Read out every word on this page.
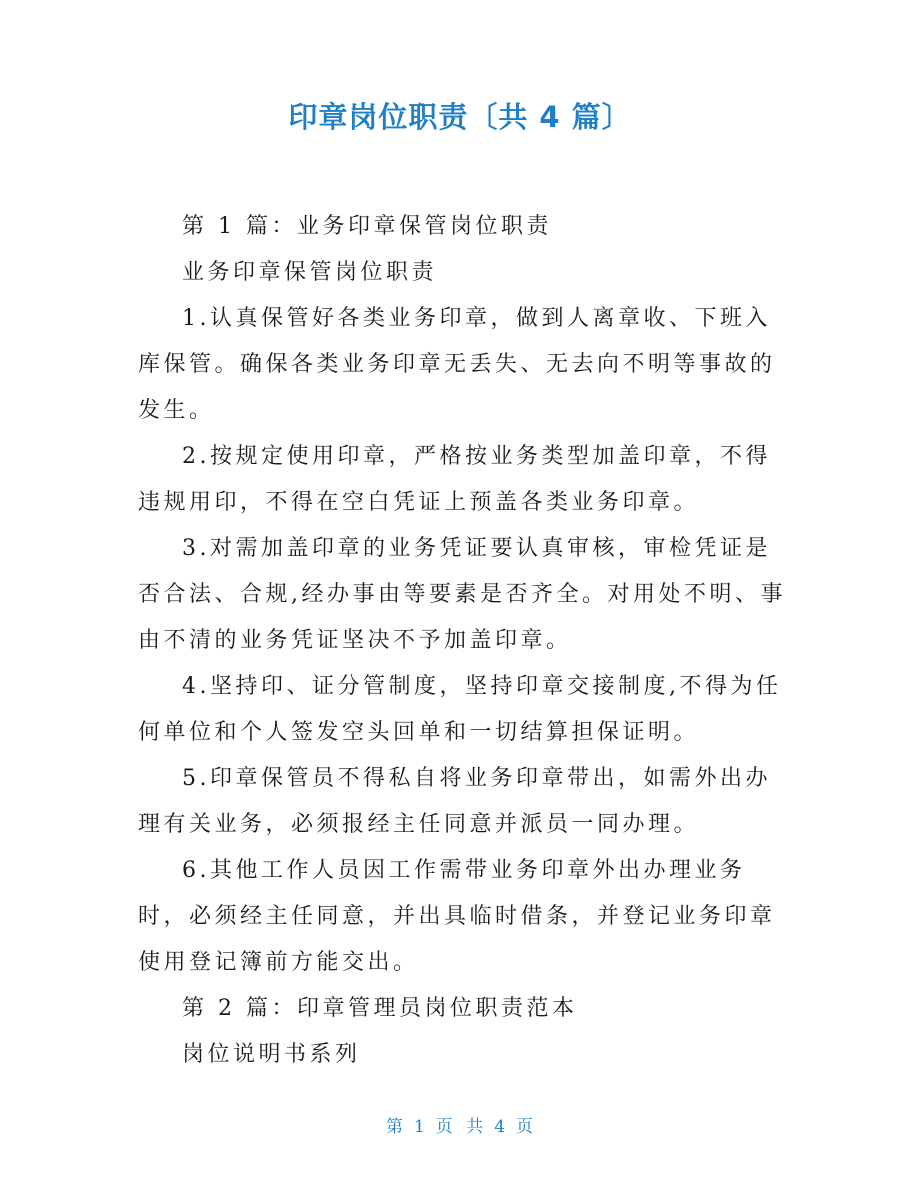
印章岗位职责〔共 4 篇〕

第 1 篇：业务印章保管岗位职责

业务印章保管岗位职责

1.认真保管好各类业务印章，做到人离章收、下班入库保管。确保各类业务印章无丢失、无去向不明等事故的发生。

2.按规定使用印章，严格按业务类型加盖印章，不得违规用印，不得在空白凭证上预盖各类业务印章。

3.对需加盖印章的业务凭证要认真审核，审检凭证是否合法、合规,经办事由等要素是否齐全。对用处不明、事由不清的业务凭证坚决不予加盖印章。

4.坚持印、证分管制度，坚持印章交接制度,不得为任何单位和个人签发空头回单和一切结算担保证明。

5.印章保管员不得私自将业务印章带出，如需外出办理有关业务，必须报经主任同意并派员一同办理。

6.其他工作人员因工作需带业务印章外出办理业务时，必须经主任同意，并出具临时借条，并登记业务印章使用登记簿前方能交出。

第 2 篇：印章管理员岗位职责范本

岗位说明书系列

第 1 页 共 4 页
